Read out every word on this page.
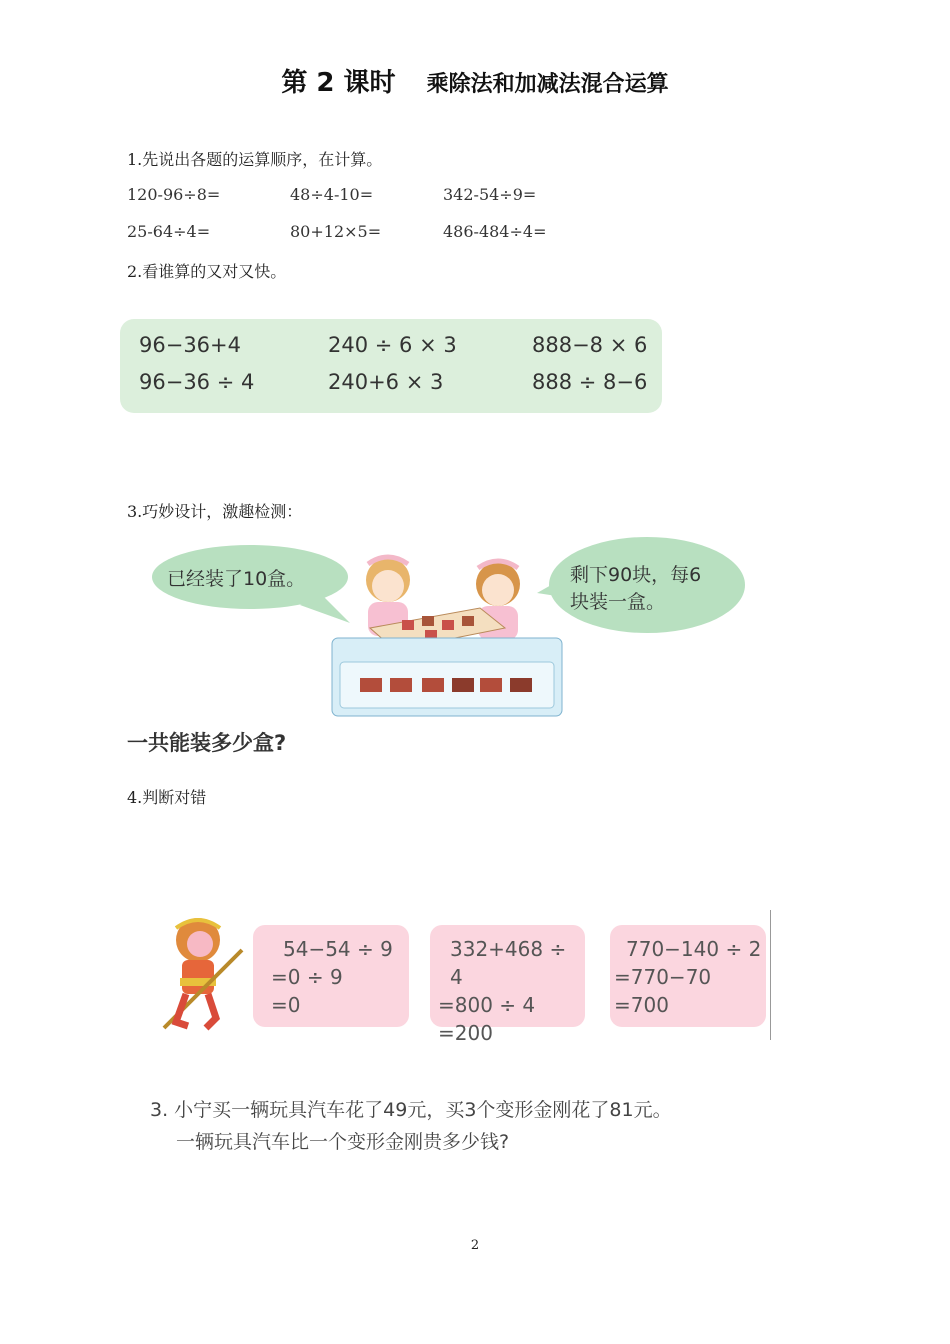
第 2 课时 乘除法和加减法混合运算
1.先说出各题的运算顺序，在计算。
120-96÷8=	48÷4-10=	342-54÷9=
25-64÷4=	80+12×5=	486-484÷4=
2.看谁算的又对又快。
96−36+4	240 ÷ 6 × 3	888−8 × 6
96−36 ÷ 4	240+6 × 3	888 ÷ 8−6
3.巧妙设计，激趣检测：
已经装了10盒。	剩下90块，每6
块装一盒。
一共能装多少盒?
4.判断对错
54−54 ÷ 9
=0 ÷ 9
=0
332+468 ÷ 4
=800 ÷ 4
=200
770−140 ÷ 2
=770−70
=700
3. 小宁买一辆玩具汽车花了49元，买3个变形金刚花了81元。
一辆玩具汽车比一个变形金刚贵多少钱?
2
